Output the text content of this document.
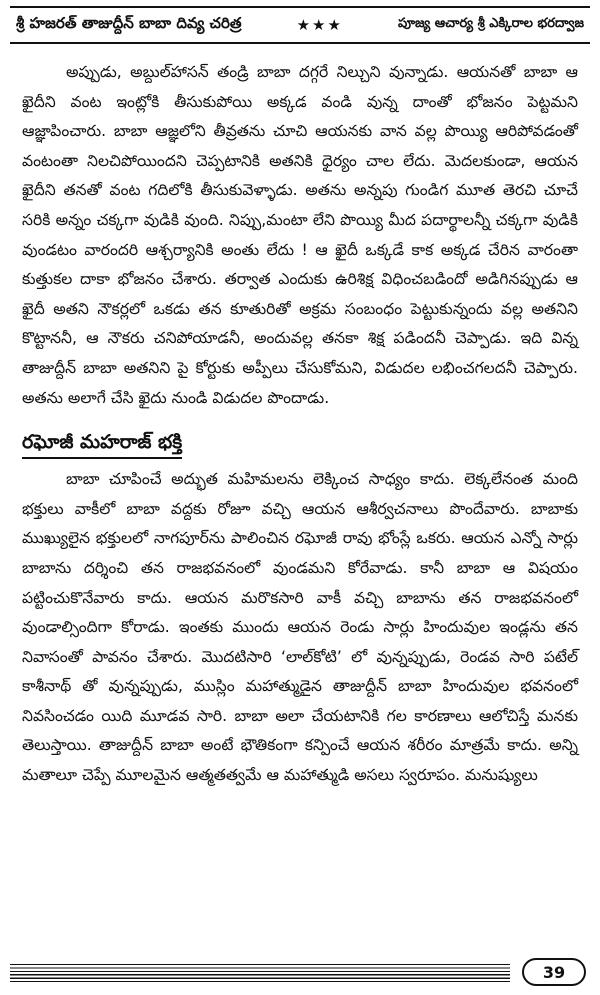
శ్రీ హజరత్ తాజుద్దీన్ బాబా దివ్య చరిత్ర	★★★	పూజ్య ఆచార్య శ్రీ ఎక్కిరాల భరద్వాజ

అప్పుడు, అబ్దుల్‌హాసన్ తండ్రి బాబా దగ్గరే నిల్చుని వున్నాడు. ఆయనతో బాబా ఆ ఖైదీని వంట ఇంట్లోకి తీసుకుపోయి అక్కడ వండి వున్న దాంతో భోజనం పెట్టమని ఆజ్ఞాపించారు. బాబా ఆజ్ఞలోని తీవ్రతను చూచి ఆయనకు వాన వల్ల పొయ్యి ఆరిపోవడంతో వంటంతా నిలచిపోయిందని చెప్పటానికి అతనికి ధైర్యం చాల లేదు. మెదలకుండా, ఆయన ఖైదీని తనతో వంట గదిలోకి తీసుకువెళ్ళాడు. అతను అన్నపు గుండిగ మూత తెరచి చూచే సరికి అన్నం చక్కగా వుడికి వుంది. నిప్పు,మంటా లేని పొయ్యి మీద పదార్థాలన్నీ చక్కగా వుడికి వుండటం వారందరి ఆశ్చర్యానికి అంతు లేదు ! ఆ ఖైదీ ఒక్కడే కాక అక్కడ చేరిన వారంతా కుత్తుకల దాకా భోజనం చేశారు. తర్వాత ఎందుకు ఉరిశిక్ష విధించబడిందో అడిగినప్పుడు ఆ ఖైదీ అతని నౌకర్లలో ఒకడు తన కూతురితో అక్రమ సంబంధం పెట్టుకున్నందు వల్ల అతనిని కొట్టాననీ, ఆ నౌకరు చనిపోయాడనీ, అందువల్ల తనకా శిక్ష పడిందనీ చెప్పాడు. ఇది విన్న తాజుద్దీన్ బాబా అతనిని పై కోర్టుకు అప్పీలు చేసుకోమని, విడుదల లభించగలదనీ చెప్పారు. అతను అలాగే చేసి ఖైదు నుండి విడుదల పొందాడు.

రఘోజీ మహరాజ్ భక్తి

బాబా చూపించే అద్భుత మహిమలను లెక్కించ సాధ్యం కాదు. లెక్కలేనంత మంది భక్తులు వాకీలో బాబా వద్దకు రోజూ వచ్చి ఆయన ఆశీర్వచనాలు పొందేవారు. బాబాకు ముఖ్యులైన భక్తులలో నాగపూర్‌ను పాలించిన రఘోజీ రావు భోంస్లే ఒకరు. ఆయన ఎన్నో సార్లు బాబాను దర్శించి తన రాజభవనంలో వుండమని కోరేవాడు. కానీ బాబా ఆ విషయం పట్టించుకొనేవారు కాదు. ఆయన మరొకసారి వాకీ వచ్చి బాబాను తన రాజభవనంలో వుండాల్సిందిగా కోరాడు. ఇంతకు ముందు ఆయన రెండు సార్లు హిందువుల ఇండ్లను తన నివాసంతో పావనం చేశారు. మొదటిసారి ‘లాల్‌కోటి’ లో వున్నప్పుడు, రెండవ సారి పటేల్ కాశీనాథ్ తో వున్నప్పుడు, ముస్లిం మహాత్ముడైన తాజుద్దీన్ బాబా హిందువుల భవనంలో నివసించడం యిది మూడవ సారి. బాబా అలా చేయటానికి గల కారణాలు ఆలోచిస్తే మనకు తెలుస్తాయి. తాజుద్దీన్ బాబా అంటే భౌతికంగా కన్పించే ఆయన శరీరం మాత్రమే కాదు. అన్ని మతాలూ చెప్పే మూలమైన ఆత్మతత్వమే ఆ మహాత్ముడి అసలు స్వరూపం. మనుష్యులు

39
